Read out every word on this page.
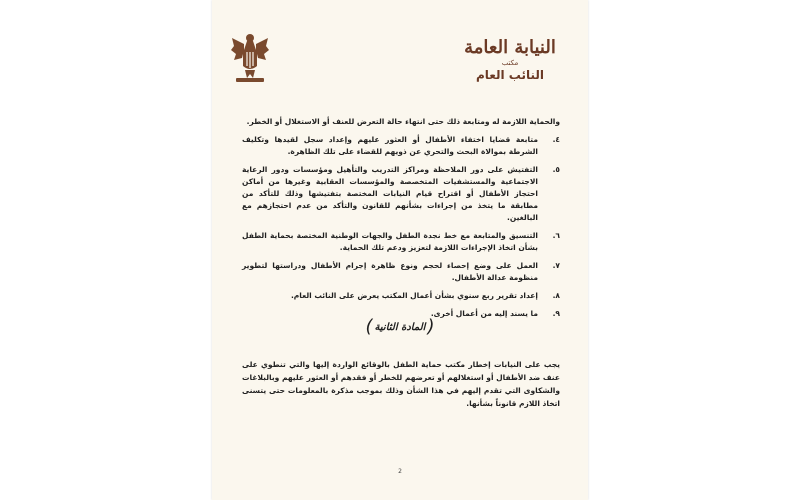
النيابة العامة
مكتب
النائب العام

والحماية اللازمة له ومتابعة ذلك حتى انتهاء حالة التعرض للعنف أو الاستغلال أو الخطر.

٤.
متابعة قضايا اختفاء الأطفال أو العثور عليهم وإعداد سجل لقيدها وتكليف الشرطة بموالاة البحث والتحري عن ذويهم للقضاء على تلك الظاهرة.
٥.
التفتيش على دور الملاحظة ومراكز التدريب والتأهيل ومؤسسات ودور الرعاية الاجتماعية والمستشفيات المتخصصة والمؤسسات العقابية وغيرها من أماكن احتجاز الأطفال أو اقتراح قيام النيابات المختصة بتفتيشها وذلك للتأكد من مطابقة ما يتخذ من إجراءات بشأنهم للقانون والتأكد من عدم احتجازهم مع البالغين.
٦.
التنسيق والمتابعة مع خط نجدة الطفل والجهات الوطنية المختصة بحماية الطفل بشأن اتخاذ الإجراءات اللازمة لتعزيز ودعم تلك الحماية.
٧.
العمل على وضع إحصاء لحجم ونوع ظاهرة إجرام الأطفال ودراستها لتطوير منظومة عدالة الأطفال.
٨.
إعداد تقرير ربع سنوي بشأن أعمال المكتب يعرض على النائب العام.
٩.
ما يسند إليه من أعمال أخرى.
(المادة الثانية)

يجب على النيابات إخطار مكتب حماية الطفل بالوقائع الواردة إليها والتي تنطوي على عنف ضد الأطفال أو استغلالهم أو تعرضهم للخطر أو فقدهم أو العثور عليهم وبالبلاغات والشكاوى التي تقدم إليهم في هذا الشأن وذلك بموجب مذكرة بالمعلومات حتى يتسنى اتخاذ اللازم قانوناً بشأنها.

2
